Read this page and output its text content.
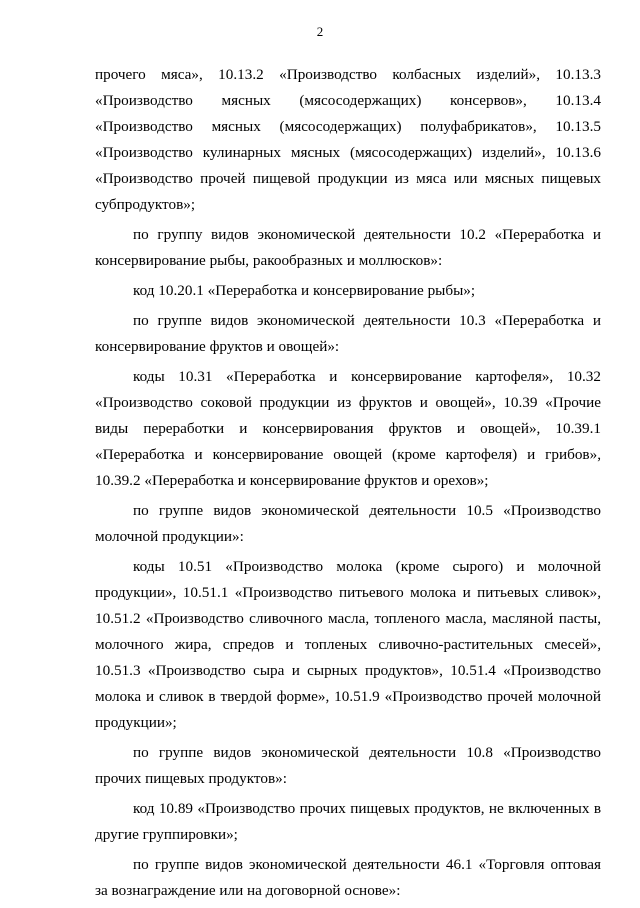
2

прочего мяса», 10.13.2 «Производство колбасных изделий», 10.13.3 «Производство мясных (мясосодержащих) консервов», 10.13.4 «Производство мясных (мясосодержащих) полуфабрикатов», 10.13.5 «Производство кулинарных мясных (мясосодержащих) изделий», 10.13.6 «Производство прочей пищевой продукции из мяса или мясных пищевых субпродуктов»;

по группу видов экономической деятельности 10.2 «Переработка и консервирование рыбы, ракообразных и моллюсков»:

код 10.20.1 «Переработка и консервирование рыбы»;

по группе видов экономической деятельности 10.3 «Переработка и консервирование фруктов и овощей»:

коды 10.31 «Переработка и консервирование картофеля», 10.32 «Производство соковой продукции из фруктов и овощей», 10.39 «Прочие виды переработки и консервирования фруктов и овощей», 10.39.1 «Переработка и консервирование овощей (кроме картофеля) и грибов», 10.39.2 «Переработка и консервирование фруктов и орехов»;

по группе видов экономической деятельности 10.5 «Производство молочной продукции»:

коды 10.51 «Производство молока (кроме сырого) и молочной продукции», 10.51.1 «Производство питьевого молока и питьевых сливок», 10.51.2 «Производство сливочного масла, топленого масла, масляной пасты, молочного жира, спредов и топленых сливочно-растительных смесей», 10.51.3 «Производство сыра и сырных продуктов», 10.51.4 «Производство молока и сливок в твердой форме», 10.51.9 «Производство прочей молочной продукции»;

по группе видов экономической деятельности 10.8 «Производство прочих пищевых продуктов»:

код 10.89 «Производство прочих пищевых продуктов, не включенных в другие группировки»;

по группе видов экономической деятельности 46.1 «Торговля оптовая за вознаграждение или на договорной основе»:
